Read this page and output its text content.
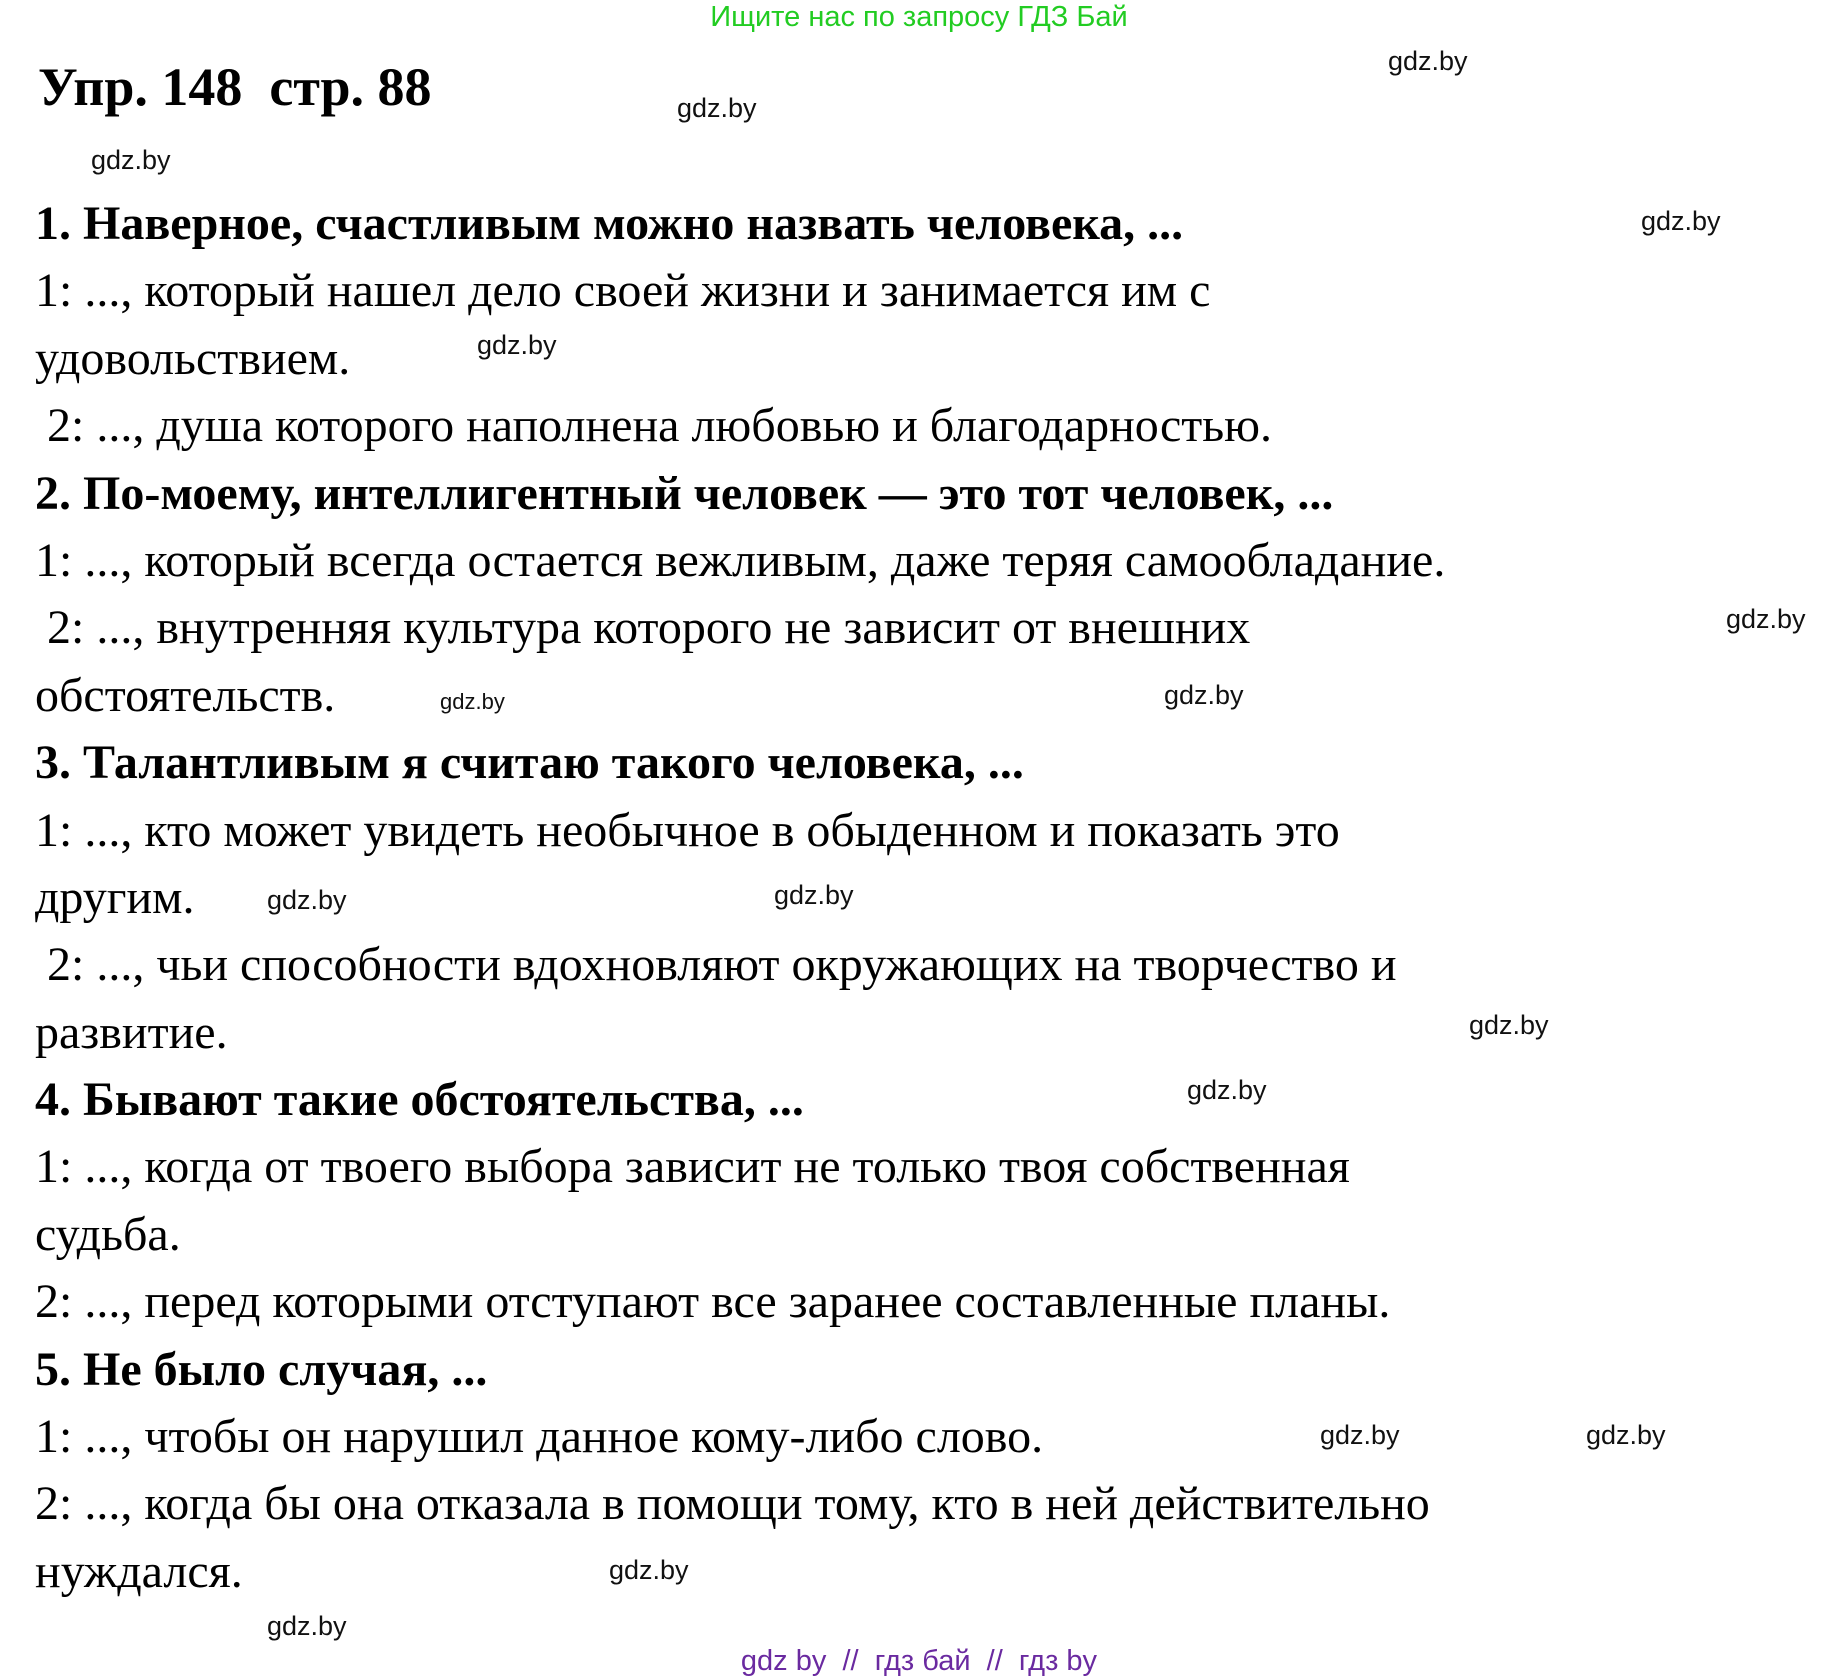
Ищите нас по запросу ГДЗ Бай
Упр. 148  стр. 88
1. Наверное, счастливым можно назвать человека, ...
1: ..., который нашел дело своей жизни и занимается им с
удовольствием.
2: ..., душа которого наполнена любовью и благодарностью.
2. По-моему, интеллигентный человек — это тот человек, ...
1: ..., который всегда остается вежливым, даже теряя самообладание.
2: ..., внутренняя культура которого не зависит от внешних
обстоятельств.
3. Талантливым я считаю такого человека, ...
1: ..., кто может увидеть необычное в обыденном и показать это
другим.
2: ..., чьи способности вдохновляют окружающих на творчество и
развитие.
4. Бывают такие обстоятельства, ...
1: ..., когда от твоего выбора зависит не только твоя собственная
судьба.
2: ..., перед которыми отступают все заранее составленные планы.
5. Не было случая, ...
1: ..., чтобы он нарушил данное кому-либо слово.
2: ..., когда бы она отказала в помощи тому, кто в ней действительно
нуждался.
gdz.by
gdz.by
gdz.by
gdz.by
gdz.by
gdz.by
gdz.by
gdz.by
gdz.by
gdz.by
gdz.by
gdz.by
gdz.by	gdz.by
gdz.by
gdz.by
gdz by  //  гдз бай  //  гдз by
